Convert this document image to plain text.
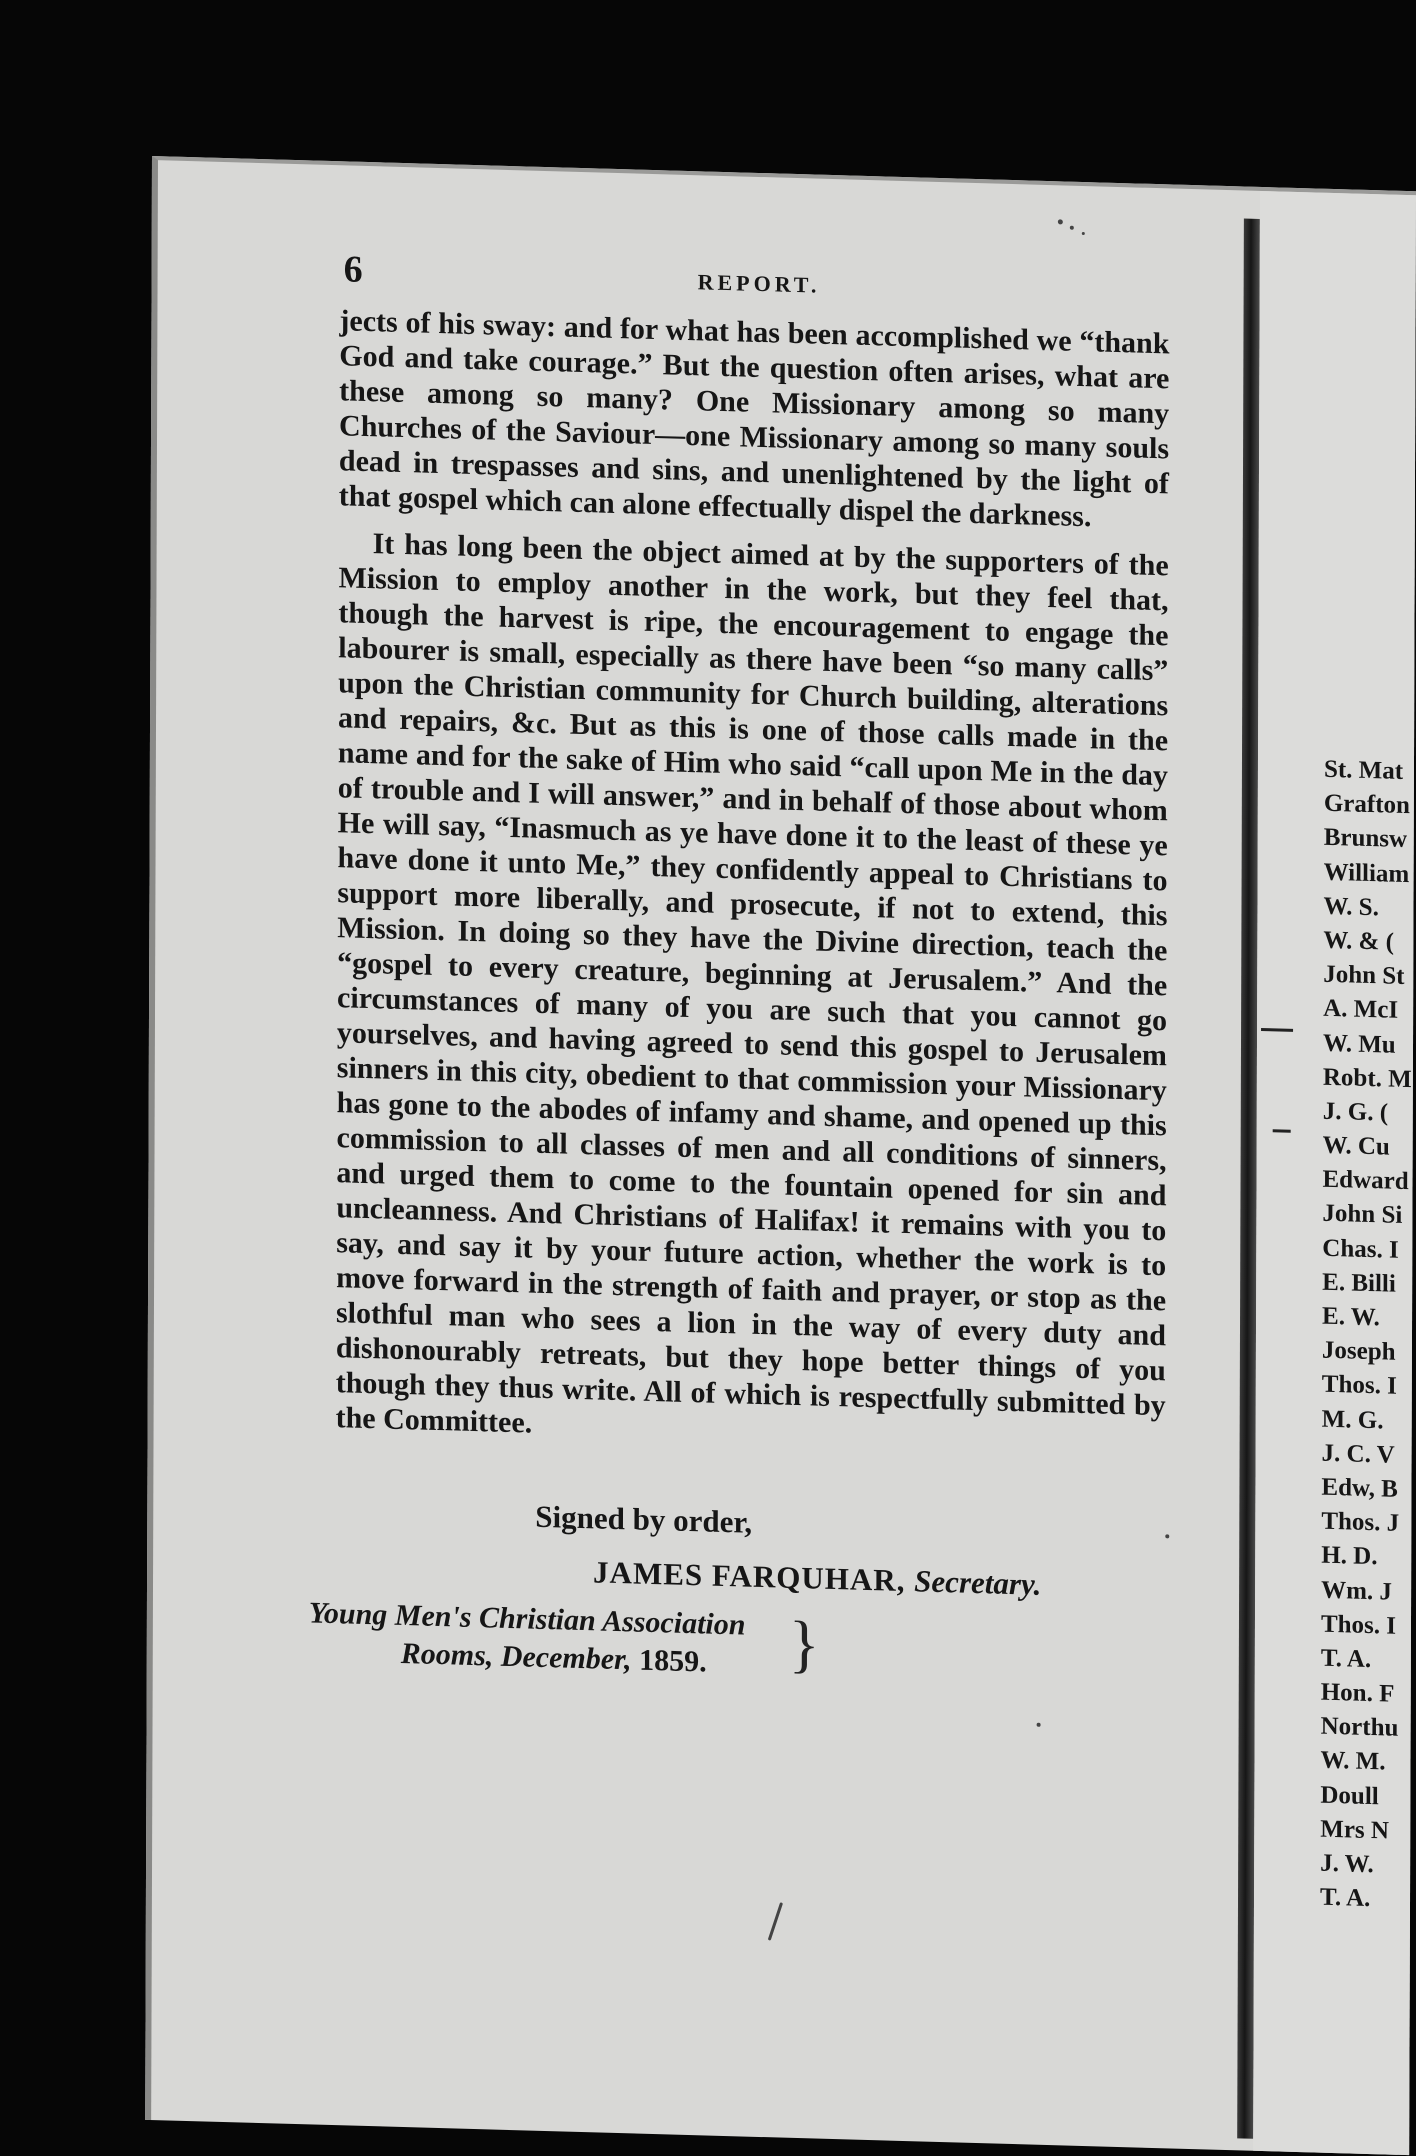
6	REPORT.

jects of his sway: and for what has been accomplished we “thank God and take courage.” But the question often arises, what are these among so many? One Missionary among so many Churches of the Saviour—one Missionary among so many souls dead in trespasses and sins, and unenlightened by the light of that gospel which can alone effectually dispel the darkness.

It has long been the object aimed at by the supporters of the Mission to employ another in the work, but they feel that, though the harvest is ripe, the encouragement to engage the labourer is small, especially as there have been “so many calls” upon the Christian community for Church building, alterations and repairs, &c. But as this is one of those calls made in the name and for the sake of Him who said “call upon Me in the day of trouble and I will answer,” and in behalf of those about whom He will say, “Inasmuch as ye have done it to the least of these ye have done it unto Me,” they confidently appeal to Christians to support more liberally, and prosecute, if not to extend, this Mission. In doing so they have the Divine direction, teach the “gospel to every creature, beginning at Jerusalem.” And the circumstances of many of you are such that you cannot go yourselves, and having agreed to send this gospel to Jerusalem sinners in this city, obedient to that commission your Missionary has gone to the abodes of infamy and shame, and opened up this commission to all classes of men and all conditions of sinners, and urged them to come to the fountain opened for sin and uncleanness. And Christians of Halifax! it remains with you to say, and say it by your future action, whether the work is to move forward in the strength of faith and prayer, or stop as the slothful man who sees a lion in the way of every duty and dishonourably retreats, but they hope better things of you though they thus write. All of which is respectfully submitted by the Committee.

Signed by order,
JAMES FARQUHAR, Secretary.
Young Men's Christian Association
Rooms, December, 1859.	}
St. Mat
Grafton
Brunsw
William
W. S.
W. & (
John St
A. McI
W. Mu
Robt. M
J. G. (
W. Cu
Edward
John Si
Chas. I
E. Billi
E. W.
Joseph
Thos. I
M. G.
J. C. V
Edw, B
Thos. J
H. D.
Wm. J
Thos. I
T. A.
Hon. F
Northu
W. M.
Doull
Mrs N
J. W.
T. A.
